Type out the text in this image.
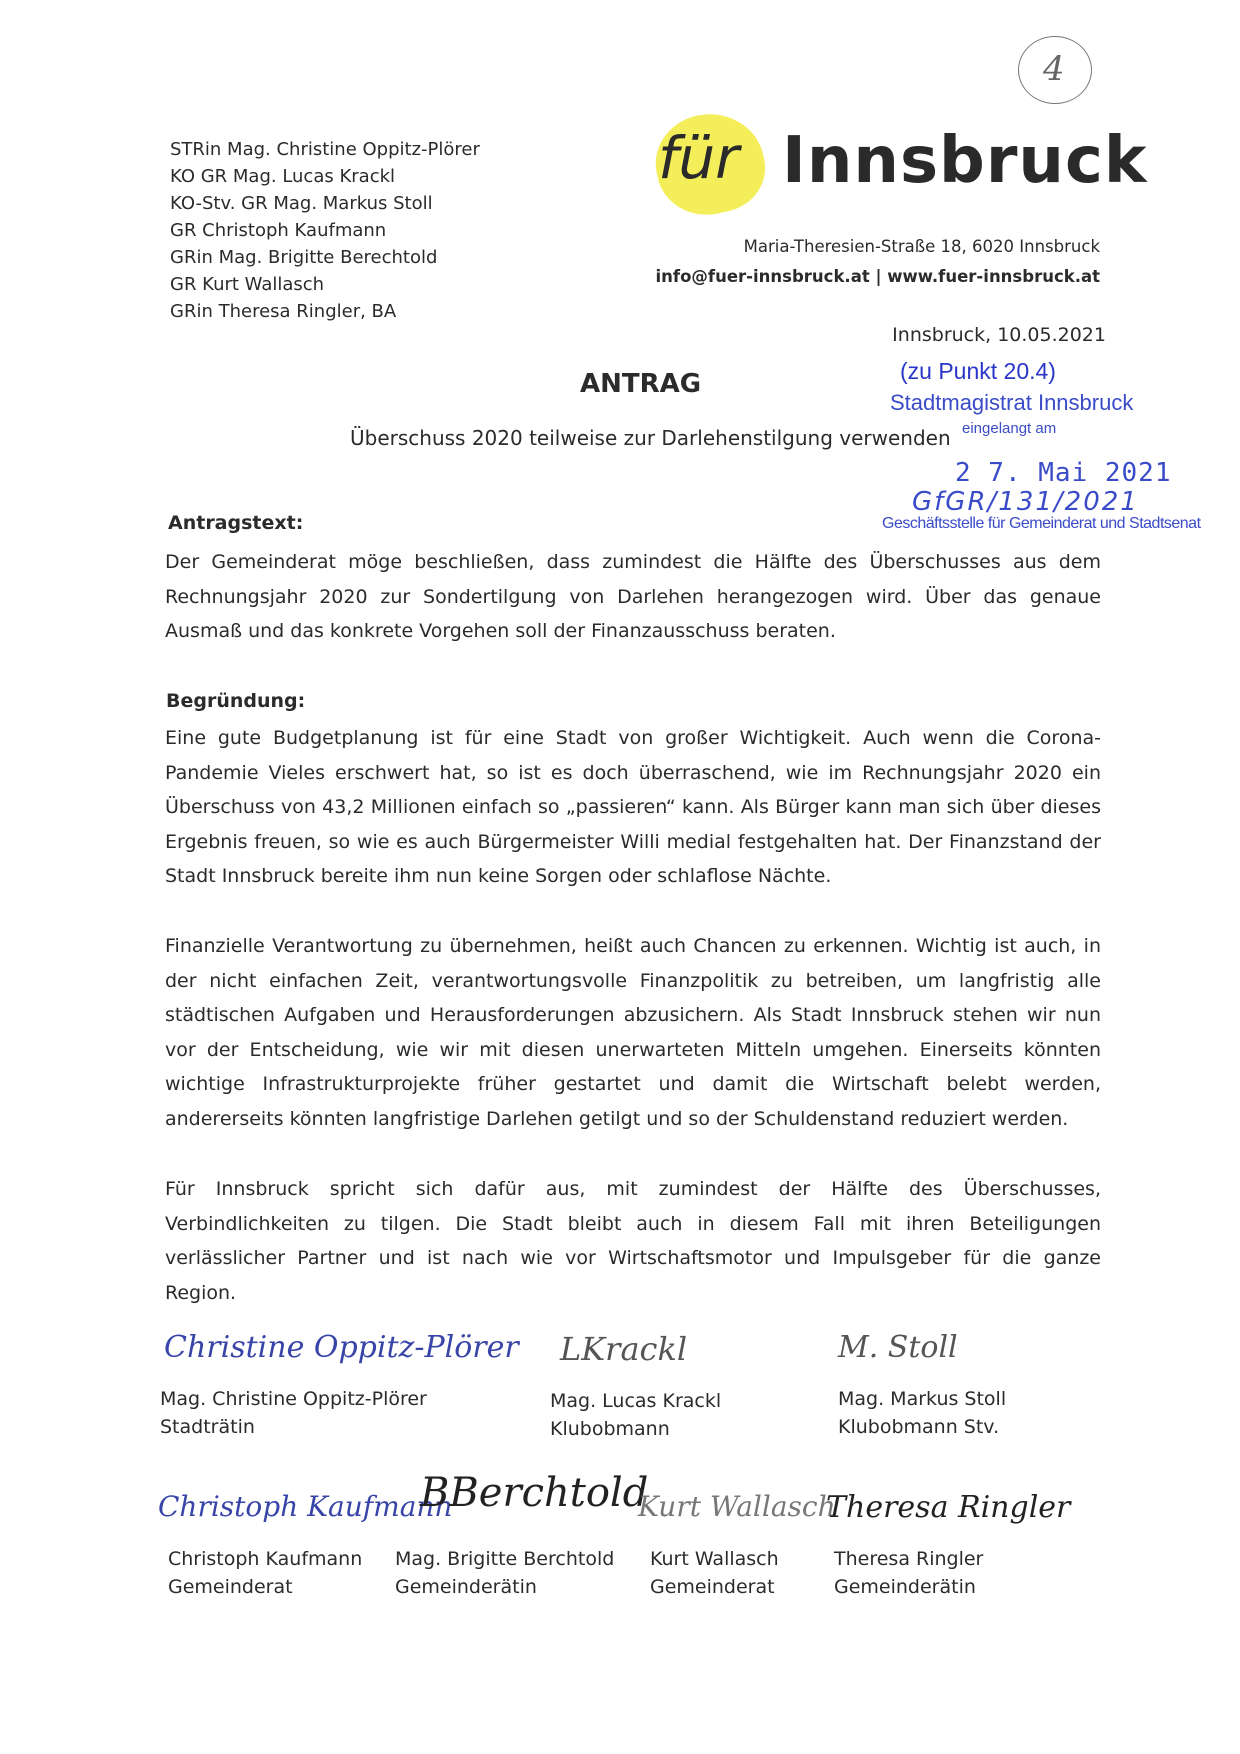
STRin Mag. Christine Oppitz-Plörer
KO GR Mag. Lucas Krackl
KO-Stv. GR Mag. Markus Stoll
GR Christoph Kaufmann
GRin Mag. Brigitte Berechtold
GR Kurt Wallasch
GRin Theresa Ringler, BA
4
für Innsbruck
Maria-Theresien-Straße 18, 6020 Innsbruck
info@fuer-innsbruck.at | www.fuer-innsbruck.at
Innsbruck, 10.05.2021
(zu Punkt 20.4)
Stadtmagistrat Innsbruck
eingelangt am
2 7. Mai 2021
GfGR/131/2021
Geschäftsstelle für Gemeinderat und Stadtsenat
ANTRAG
Überschuss 2020 teilweise zur Darlehenstilgung verwenden
Antragstext:
Der Gemeinderat möge beschließen, dass zumindest die Hälfte des Überschusses aus dem Rechnungsjahr 2020 zur Sondertilgung von Darlehen herangezogen wird. Über das genaue Ausmaß und das konkrete Vorgehen soll der Finanzausschuss beraten.
Begründung:
Eine gute Budgetplanung ist für eine Stadt von großer Wichtigkeit. Auch wenn die Corona-Pandemie Vieles erschwert hat, so ist es doch überraschend, wie im Rechnungsjahr 2020 ein Überschuss von 43,2 Millionen einfach so „passieren“ kann. Als Bürger kann man sich über dieses Ergebnis freuen, so wie es auch Bürgermeister Willi medial festgehalten hat. Der Finanzstand der Stadt Innsbruck bereite ihm nun keine Sorgen oder schlaflose Nächte.
Finanzielle Verantwortung zu übernehmen, heißt auch Chancen zu erkennen. Wichtig ist auch, in der nicht einfachen Zeit, verantwortungsvolle Finanzpolitik zu betreiben, um langfristig alle städtischen Aufgaben und Herausforderungen abzusichern. Als Stadt Innsbruck stehen wir nun vor der Entscheidung, wie wir mit diesen unerwarteten Mitteln umgehen. Einerseits könnten wichtige Infrastrukturprojekte früher gestartet und damit die Wirtschaft belebt werden, andererseits könnten langfristige Darlehen getilgt und so der Schuldenstand reduziert werden.
Für Innsbruck spricht sich dafür aus, mit zumindest der Hälfte des Überschusses, Verbindlichkeiten zu tilgen. Die Stadt bleibt auch in diesem Fall mit ihren Beteiligungen verlässlicher Partner und ist nach wie vor Wirtschaftsmotor und Impulsgeber für die ganze Region.
Christine Oppitz-Plörer
Mag. Christine Oppitz-Plörer
Stadträtin
LKrackl
Mag. Lucas Krackl
Klubobmann
M. Stoll
Mag. Markus Stoll
Klubobmann Stv.
Christoph Kaufmann
Christoph Kaufmann
Gemeinderat
BBerchtold
Mag. Brigitte Berchtold
Gemeinderätin
Kurt Wallasch
Kurt Wallasch
Gemeinderat
Theresa Ringler
Theresa Ringler
Gemeinderätin
